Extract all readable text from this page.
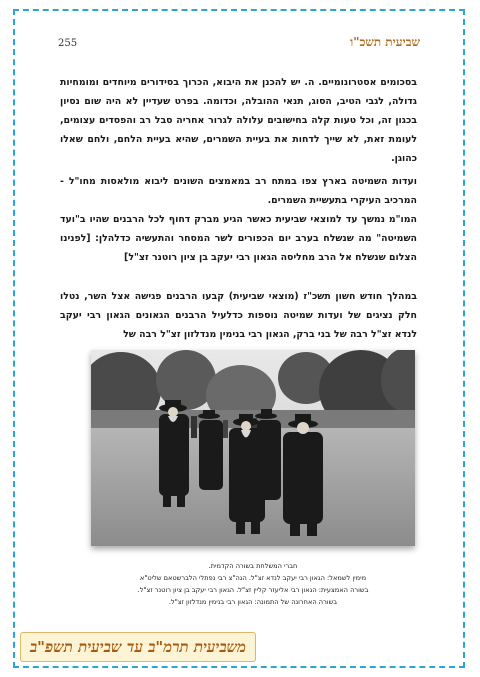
255	שביעית תשכ"ו
בסכומים אסטרונומיים. ה. יש להכנן את היבוא, הכרוך בסידורים מיוחדים ומומחיות גדולה, לגבי הטיב, הסוג, תנאי ההובלה, וכדומה. בפרט שעדיין לא היה שום נסיון בכגון זה, וכל טעות קלה בחישובים עלולה לגרור אחריה סבל רב והפסדים עצומים, לעומת זאת, לא שייך לדחות את בעיית השמרים, שהיא בעיית הלחם, ולחם שאלו כהוגן.
ועדות השמיטה בארץ צפו במתח רב במאמצים השונים ליבוא מולאסות מחו"ל - המרכיב העיקרי בתעשיית השמרים.
המו"מ נמשך עד למוצאי שביעית כאשר הגיע מברק דחוף לכל הרבנים שהיו ב"ועד השמיטה" מה שנשלח בערב יום הכפורים לשר המסחר והתעשיה כדלהלן: [לפנינו הצלום שנשלח אל הרב מחליסה הגאון רבי יעקב בן ציון רוטנר זצ"ל]
במהלך חודש חשון תשכ"ז (מוצאי שביעית) קבעו הרבנים פגישה אצל השר, נטלו חלק נציגים של ועדות שמיטה נוספות כדלעיל הרבנים הגאונים הגאון רבי יעקב לנדא זצ"ל רבה של בני ברק, הגאון רבי בנימין מנדלזון זצ"ל רבה של
חברי המשלחת בשורה הקדמית.
מימין לשמאל: הגאון רבי יעקב לנדא זצ"ל. הגה"צ רבי נפתלי הלברשטאם שליט"א
בשורה האמצעית: הגאון רבי אליעזר קליין זצ"ל. הגאון רבי יעקב בן ציון רוטנר זצ"ל.
בשורה האחרונה של התמונה: הגאון רבי בנימין מנדלזון זצ"ל.
משביעית תרמ"ב עד שביעית תשפ"ב
